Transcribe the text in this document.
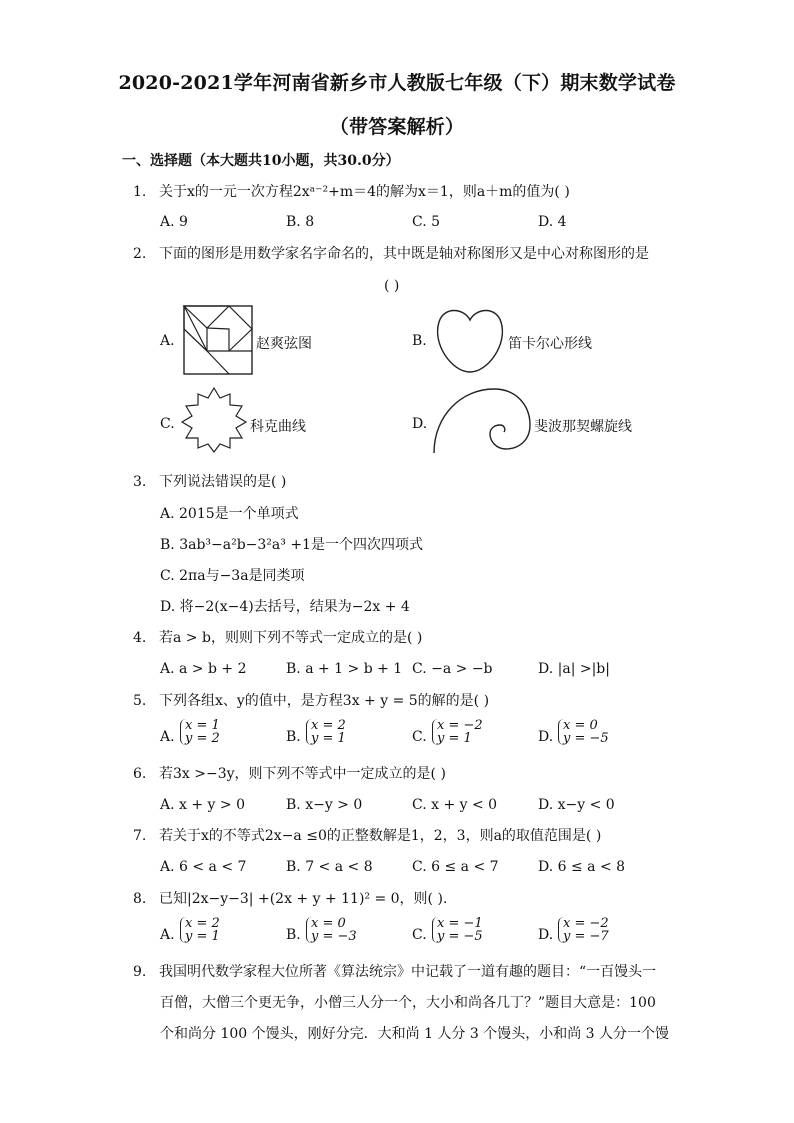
2020-2021学年河南省新乡市人教版七年级（下）期末数学试卷
（带答案解析）
一、选择题（本大题共10小题，共30.0分）
1. 关于x的一元一次方程2xᵃ⁻²+m＝4的解为x＝1，则a＋m的值为( )
A. 9	B. 8	C. 5	D. 4
2. 下面的图形是用数学家名字命名的，其中既是轴对称图形又是中心对称图形的是
( )
A.	赵爽弦图	B.	笛卡尔心形线
C.	科克曲线	D.	斐波那契螺旋线
3. 下列说法错误的是( )
A. 2015是一个单项式
B. 3ab³−a²b−3²a³ +1是一个四次四项式
C. 2πa与−3a是同类项
D. 将−2(x−4)去括号，结果为−2x + 4
4. 若a > b，则则下列不等式一定成立的是( )
A. a > b + 2	B. a + 1 > b + 1 C. −a > −b	D. |a| >|b|
5. 下列各组x、y的值中，是方程3x + y = 5的解的是( )
A.
x = 1
y = 2	B.
x = 2
y = 1	C.
x = −2
y = 1	D.
x = 0
y = −5
6. 若3x >−3y，则下列不等式中一定成立的是( )
A. x + y > 0	B. x−y > 0	C. x + y < 0	D. x−y < 0
7. 若关于x的不等式2x−a ≤0的正整数解是1，2，3，则a的取值范围是( )
A. 6 < a < 7	B. 7 < a < 8	C. 6 ≤ a < 7	D. 6 ≤ a < 8
8. 已知|2x−y−3| +(2x + y + 11)² = 0，则( ).
A.
x = 2
y = 1	B.
x = 0
y = −3	C.
x = −1
y = −5	D.
x = −2
y = −7
9. 我国明代数学家程大位所著《算法统宗》中记载了一道有趣的题目：“一百馒头一
百僧，大僧三个更无争，小僧三人分一个，大小和尚各几丁？”题目大意是：100
个和尚分 100 个馒头，刚好分完．大和尚 1 人分 3 个馒头，小和尚 3 人分一个馒
